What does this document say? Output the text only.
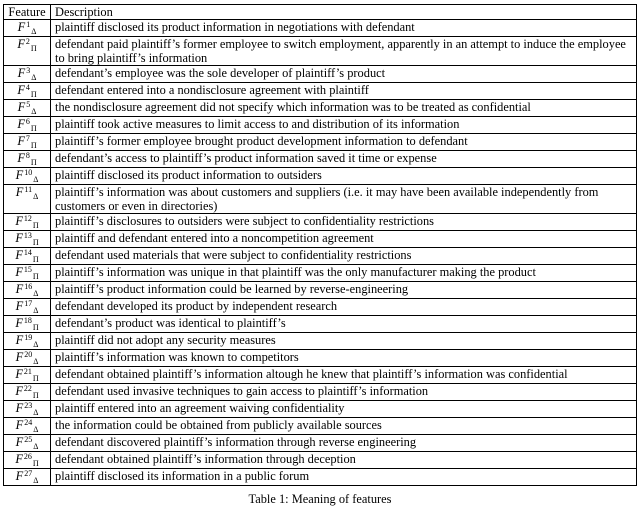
Feature	Description
$F^1_\Delta$	plaintiff disclosed its product information in negotiations with defendant
$F^2_\Pi$	defendant paid plaintiff’s former employee to switch employment, apparently in an attempt to induce the employee to bring plaintiff’s information
$F^3_\Delta$	defendant’s employee was the sole developer of plaintiff’s product
$F^4_\Pi$	defendant entered into a nondisclosure agreement with plaintiff
$F^5_\Delta$	the nondisclosure agreement did not specify which information was to be treated as confidential
$F^6_\Pi$	plaintiff took active measures to limit access to and distribution of its information
$F^7_\Pi$	plaintiff’s former employee brought product development information to defendant
$F^8_\Pi$	defendant’s access to plaintiff’s product information saved it time or expense
$F^{10}_\Delta$	plaintiff disclosed its product information to outsiders
$F^{11}_\Delta$	plaintiff’s information was about customers and suppliers (i.e. it may have been available independently from customers or even in directories)
$F^{12}_\Pi$	plaintiff’s disclosures to outsiders were subject to confidentiality restrictions
$F^{13}_\Pi$	plaintiff and defendant entered into a noncompetition agreement
$F^{14}_\Pi$	defendant used materials that were subject to confidentiality restrictions
$F^{15}_\Pi$	plaintiff’s information was unique in that plaintiff was the only manufacturer making the product
$F^{16}_\Delta$	plaintiff’s product information could be learned by reverse-engineering
$F^{17}_\Delta$	defendant developed its product by independent research
$F^{18}_\Pi$	defendant’s product was identical to plaintiff’s
$F^{19}_\Delta$	plaintiff did not adopt any security measures
$F^{20}_\Delta$	plaintiff’s information was known to competitors
$F^{21}_\Pi$	defendant obtained plaintiff’s information altough he knew that plaintiff’s information was confidential
$F^{22}_\Pi$	defendant used invasive techniques to gain access to plaintiff’s information
$F^{23}_\Delta$	plaintiff entered into an agreement waiving confidentiality
$F^{24}_\Delta$	the information could be obtained from publicly available sources
$F^{25}_\Delta$	defendant discovered plaintiff’s information through reverse engineering
$F^{26}_\Pi$	defendant obtained plaintiff’s information through deception
$F^{27}_\Delta$	plaintiff disclosed its information in a public forum
Table 1: Meaning of features
